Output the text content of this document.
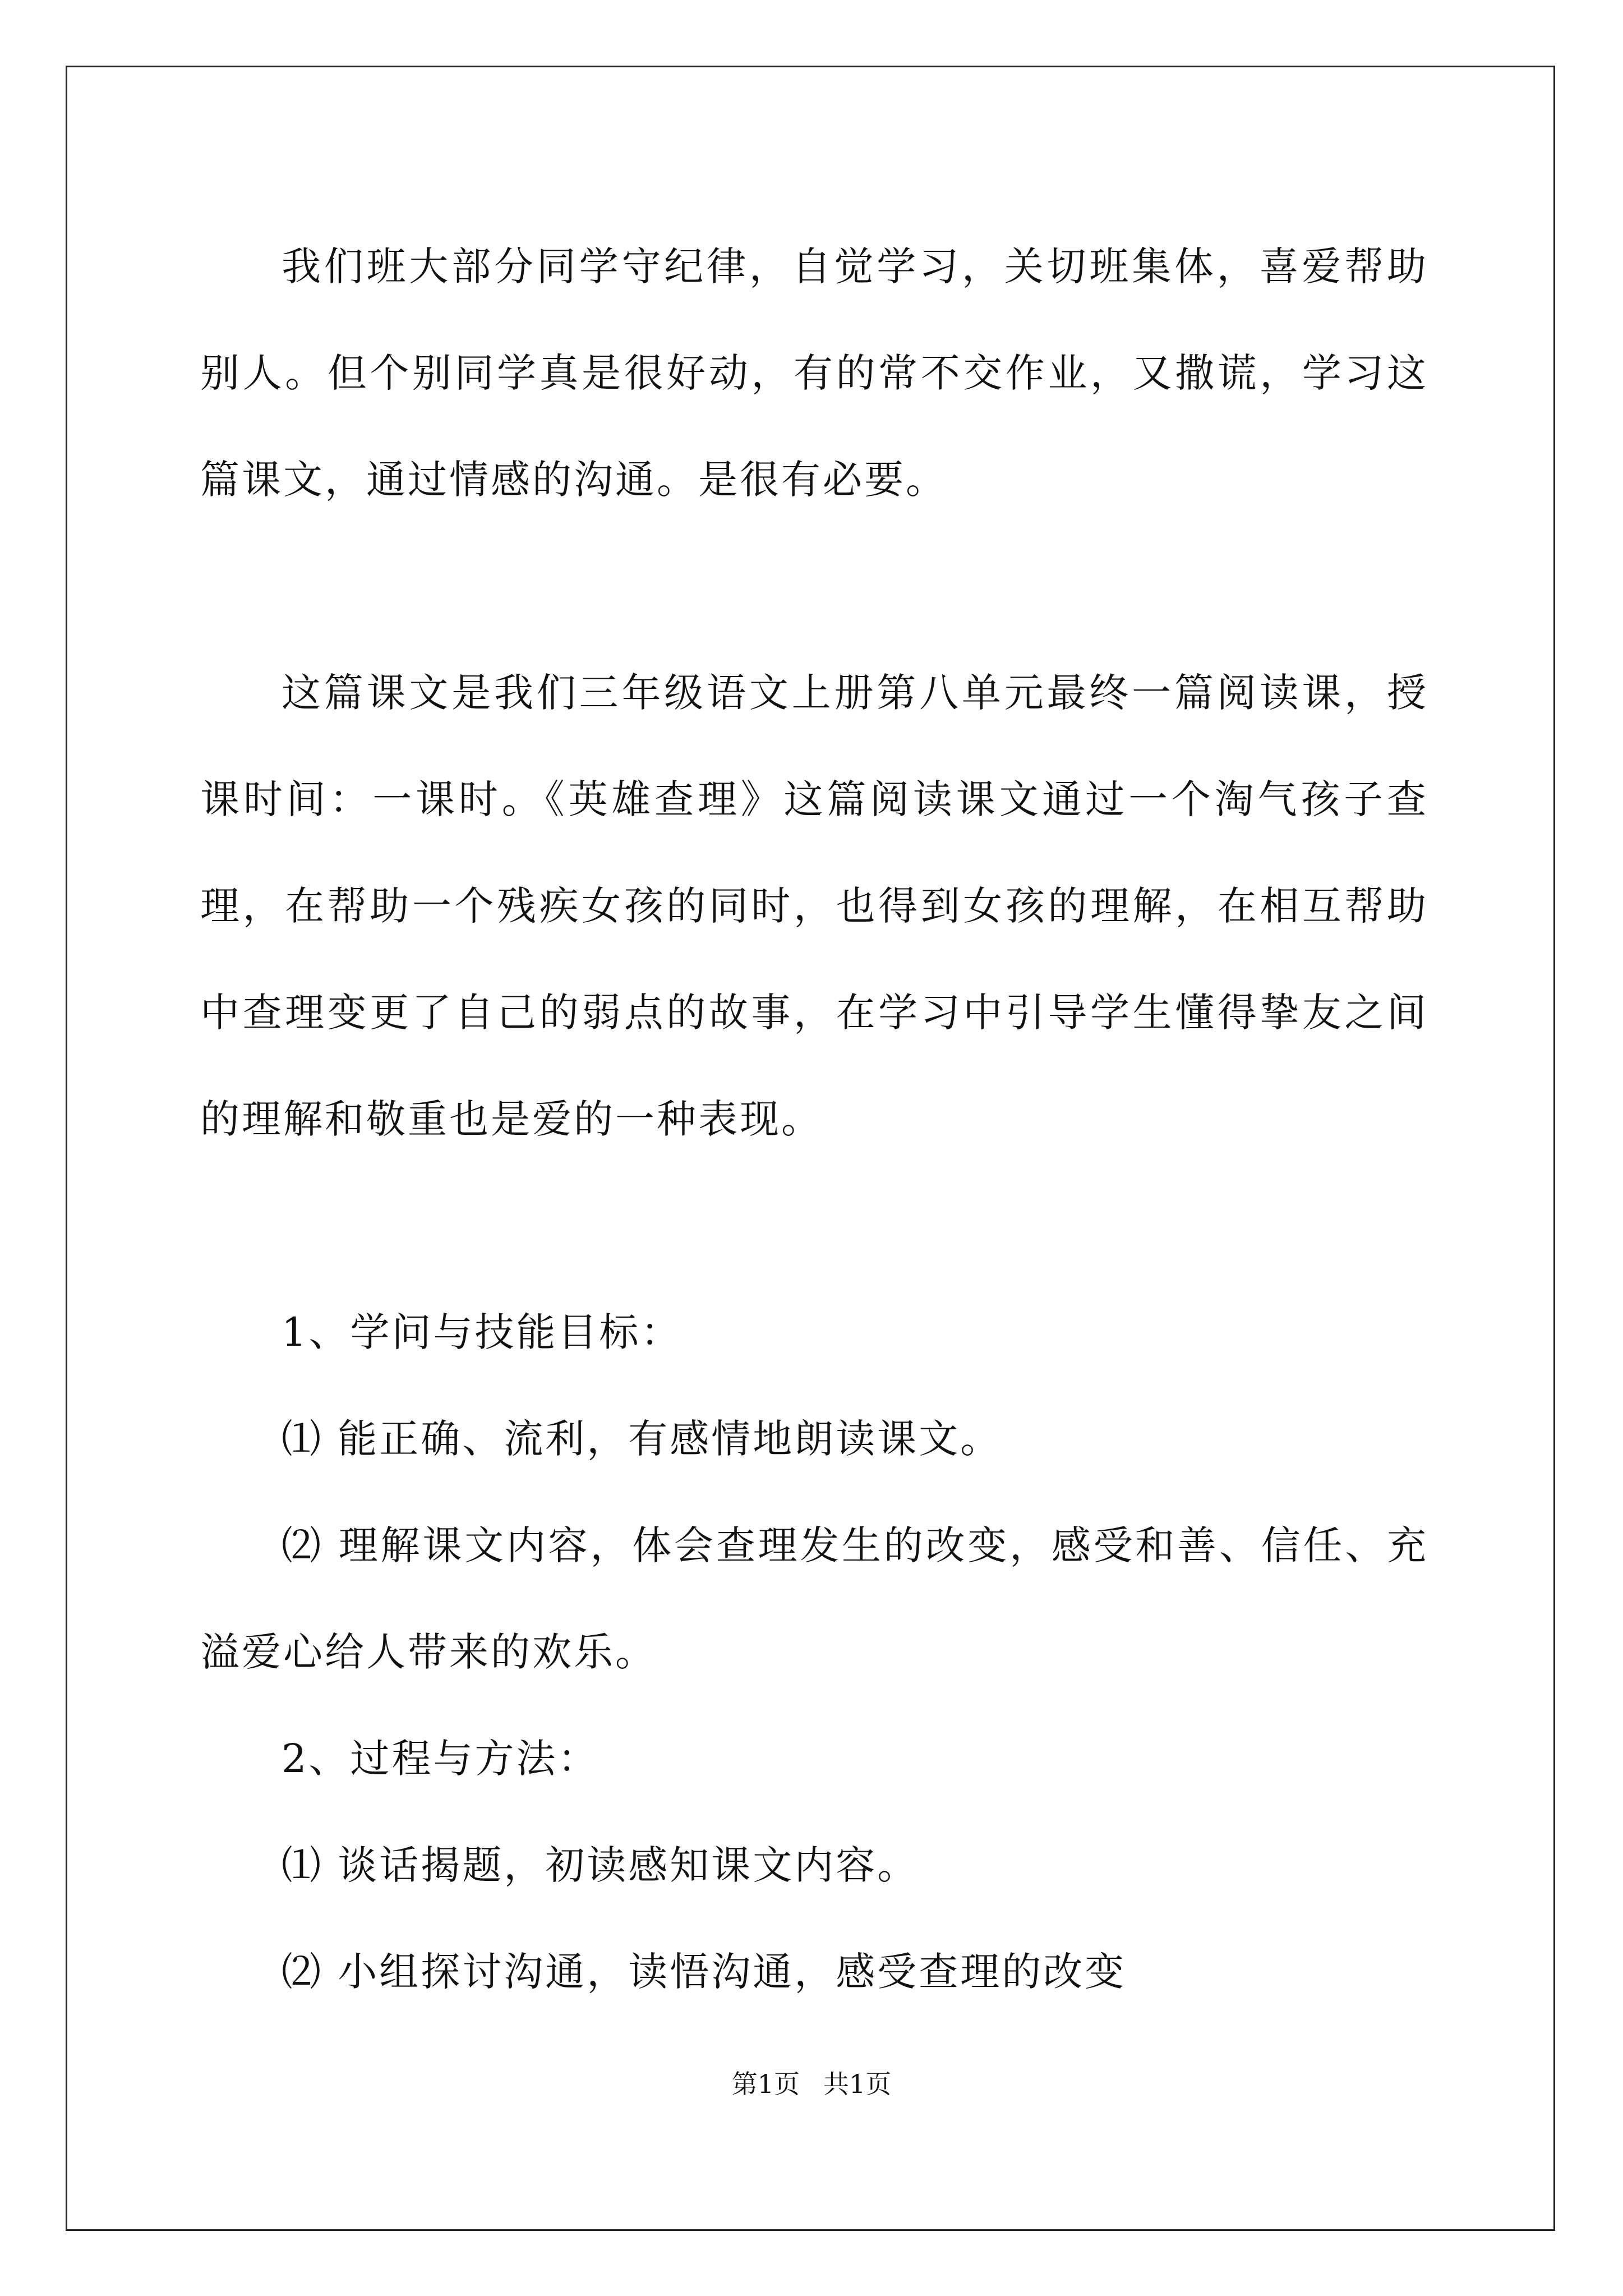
我们班大部分同学守纪律，自觉学习，关切班集体，喜爱帮助别人。但个别同学真是很好动，有的常不交作业，又撒谎，学习这篇课文，通过情感的沟通。是很有必要。

这篇课文是我们三年级语文上册第八单元最终一篇阅读课，授课时间：一课时。《英雄查理》这篇阅读课文通过一个淘气孩子查理，在帮助一个残疾女孩的同时，也得到女孩的理解，在相互帮助中查理变更了自己的弱点的故事，在学习中引导学生懂得挚友之间的理解和敬重也是爱的一种表现。

1、学问与技能目标：

⑴ 能正确、流利，有感情地朗读课文。

⑵ 理解课文内容，体会查理发生的改变，感受和善、信任、充溢爱心给人带来的欢乐。

2、过程与方法：

⑴ 谈话揭题，初读感知课文内容。

⑵ 小组探讨沟通，读悟沟通，感受查理的改变

第1页 共1页
